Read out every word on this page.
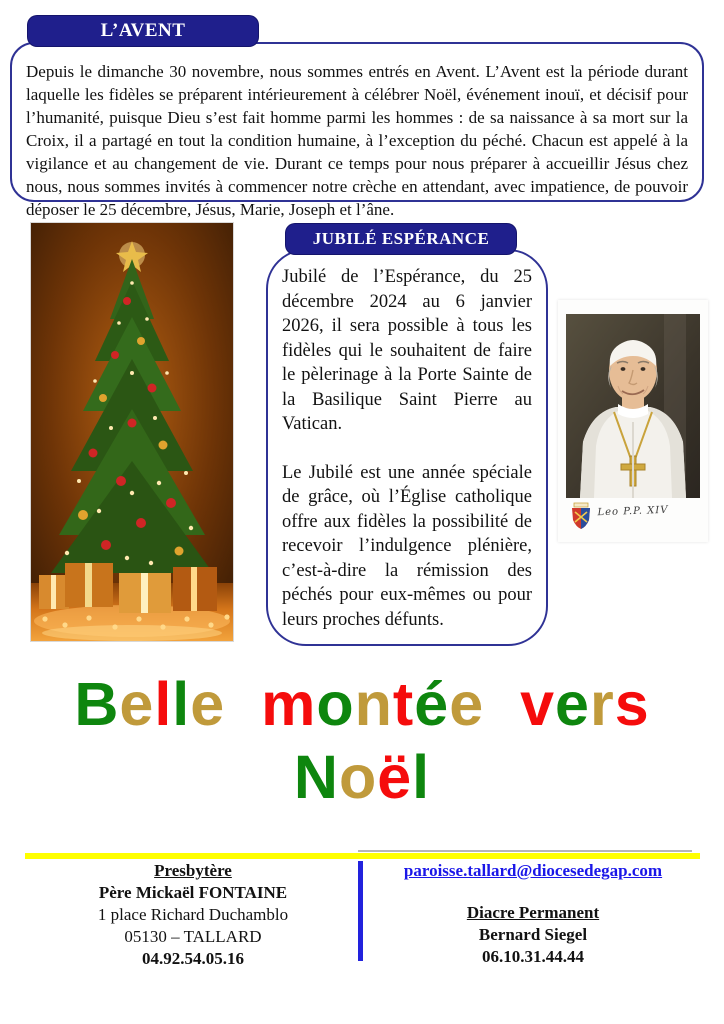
L’AVENT

Depuis le dimanche 30 novembre, nous sommes entrés en Avent. L’Avent est la période durant laquelle les fidèles se préparent intérieurement à célébrer Noël, événement inouï, et décisif pour l’humanité, puisque Dieu s’est fait homme parmi les hommes : de sa naissance à sa mort sur la Croix, il a partagé en tout la condition humaine, à l’exception du péché. Chacun est appelé à la vigilance et au changement de vie. Durant ce temps pour nous préparer à accueillir Jésus chez nous, nous sommes invités à commencer notre crèche en attendant, avec impatience, de pouvoir déposer le 25 décembre, Jésus, Marie, Joseph et l’âne.

JUBILÉ ESPÉRANCE

Jubilé de l’Espérance, du 25 décembre 2024 au 6 janvier 2026, il sera possible à tous les fidèles qui le souhaitent de faire le pèlerinage à la Porte Sainte de la Basilique Saint Pierre au Vatican.

Le Jubilé est une année spéciale de grâce, où l’Église catholique offre aux fidèles la possibilité de recevoir l’indulgence plénière, c’est-à-dire la rémission des péchés pour eux-mêmes ou pour leurs proches défunts.

Leo P.P. XIV
Belle montée vers
Noël
Presbytère
Père Mickaël FONTAINE
1 place Richard Duchamblo
05130 – TALLARD
04.92.54.05.16
paroisse.tallard@diocesedegap.com
Diacre Permanent
Bernard Siegel
06.10.31.44.44
